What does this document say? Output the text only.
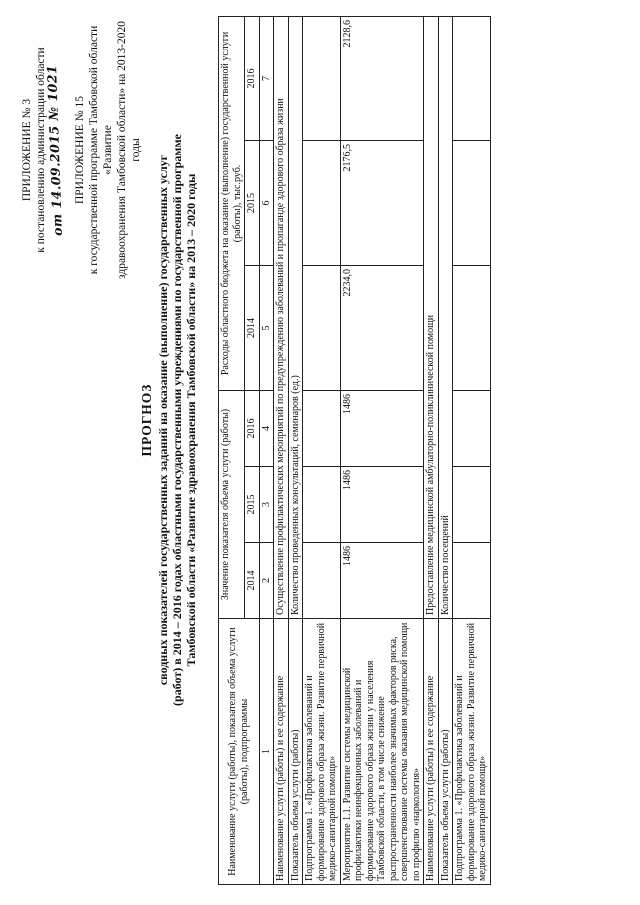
ПРИЛОЖЕНИЕ № 3 к постановлению администрации области
от 14.09.2015 № 1021 ПРИЛОЖЕНИЕ № 15 к государственной программе Тамбовской области «Развитие здравоохранения Тамбовской области» на 2013-2020 годы
ПРОГНОЗ сводных показателей государственных заданий на оказание (выполнение) государственных услуг (работ) в 2014 – 2016 годах областными государственными учреждениями по государственной программе Тамбовской области «Развитие здравоохранения Тамбовской области» на 2013 – 2020 годы
Наименование услуги (работы), показателя объема услуги (работы), подпрограммы	Значение показателя объема услуги (работы)			Расходы областного бюджета на оказание (выполнение) государственной услуги (работы), тыс.руб.		
	2014	2015	2016	2014	2015	2016
1	2	3	4	5	6	7
Наименование услуги (работы) и ее содержание	Осуществление профилактических мероприятий по предупреждению заболеваний и пропаганде здорового образа жизни					
Показатель объема услуги (работы)	Количество проведенных консультаций, семинаров (ед.)					
Подпрограмма 1. «Профилактика заболеваний и формирование здорового образа жизни. Развитие первичной медико-санитарной помощи»						
Мероприятие 1.1. Развитие системы медицинской профилактики неинфекционных заболеваний и формирование здорового образа жизни у населения Тамбовской области, в том числе снижение распространенности наиболее значимых факторов риска, совершенствование системы оказания медицинской помощи по профилю «наркология»	1486	1486	1486	2234,0	2176,5	2128,6
Наименование услуги (работы) и ее содержание	Предоставление медицинской амбулаторно-поликлинической помощи					
Показатель объема услуги (работы)	Количество посещений					
Подпрограмма 1. «Профилактика заболеваний и формирование здорового образа жизни. Развитие первичной медико-санитарной помощи»						
